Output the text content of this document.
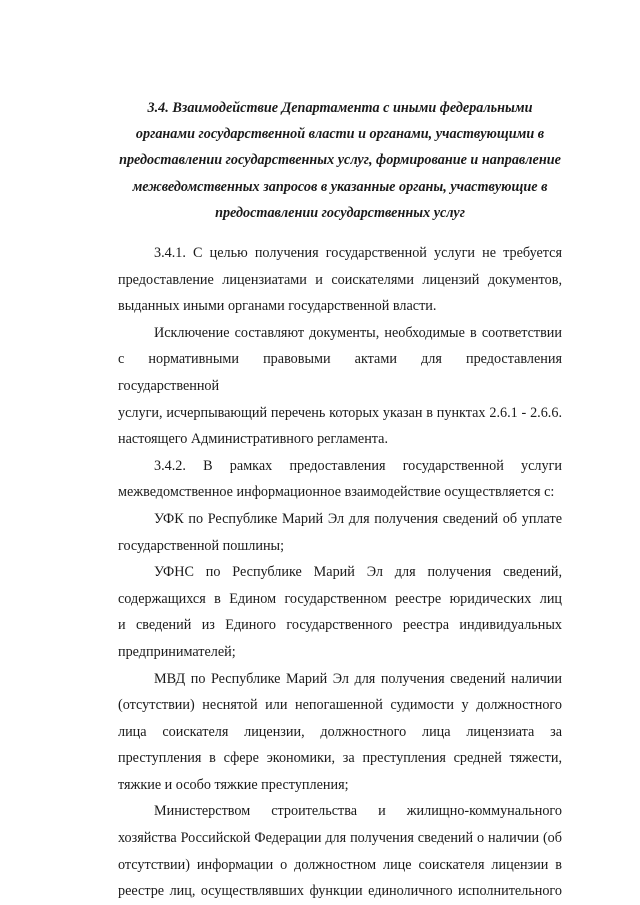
3.4. Взаимодействие Департамента с иными федеральными
органами государственной власти и органами, участвующими в
предоставлении государственных услуг, формирование и направление
межведомственных запросов в указанные органы, участвующие в
предоставлении государственных услуг

3.4.1. С целью получения государственной услуги не требуется
предоставление лицензиатами и соискателями лицензий документов,
выданных иными органами государственной власти.

Исключение составляют документы, необходимые в соответствии
с нормативными правовыми актами для предоставления государственной
услуги, исчерпывающий перечень которых указан в пунктах 2.6.1 - 2.6.6.
настоящего Административного регламента.

3.4.2. В рамках предоставления государственной услуги
межведомственное информационное взаимодействие осуществляется с:

УФК по Республике Марий Эл для получения сведений об уплате
государственной пошлины;

УФНС по Республике Марий Эл для получения сведений,
содержащихся в Едином государственном реестре юридических лиц
и сведений из Единого государственного реестра индивидуальных
предпринимателей;

МВД по Республике Марий Эл для получения сведений наличии
(отсутствии) неснятой или непогашенной судимости у должностного
лица соискателя лицензии, должностного лица лицензиата за
преступления в сфере экономики, за преступления средней тяжести,
тяжкие и особо тяжкие преступления;

Министерством строительства и жилищно-коммунального
хозяйства Российской Федерации для получения сведений о наличии (об
отсутствии) информации о должностном лице соискателя лицензии в
реестре лиц, осуществлявших функции единоличного исполнительного
